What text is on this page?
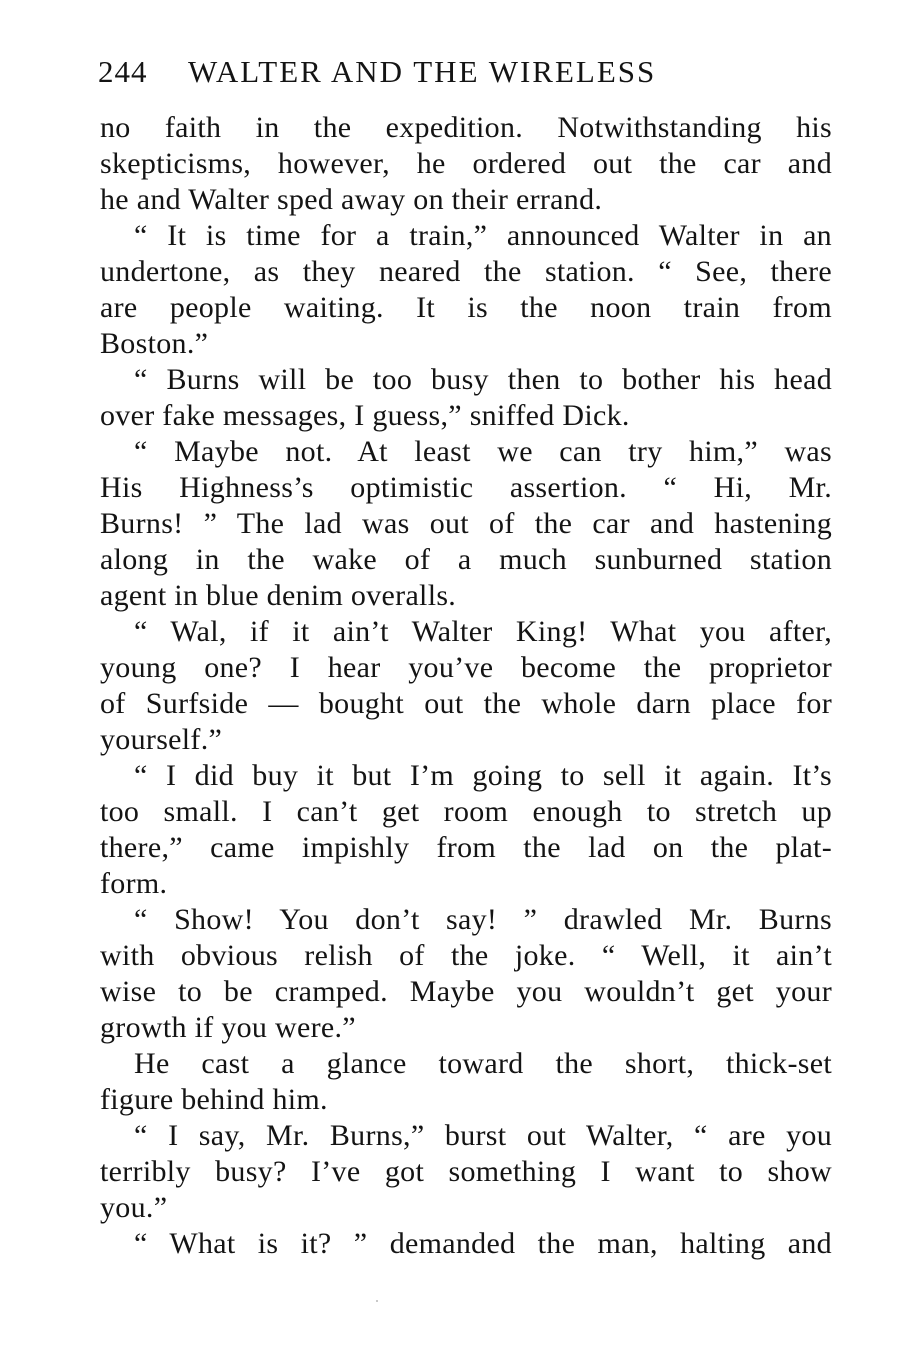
244 WALTER AND THE WIRELESS
no faith in the expedition. Notwithstanding his
skepticisms, however, he ordered out the car and
he and Walter sped away on their errand.
“ It is time for a train,” announced Walter in an
undertone, as they neared the station. “ See, there
are people waiting. It is the noon train from
Boston.”
“ Burns will be too busy then to bother his head
over fake messages, I guess,” sniffed Dick.
“ Maybe not. At least we can try him,” was
His Highness’s optimistic assertion. “ Hi, Mr.
Burns! ” The lad was out of the car and hastening
along in the wake of a much sunburned station
agent in blue denim overalls.
“ Wal, if it ain’t Walter King! What you after,
young one? I hear you’ve become the proprietor
of Surfside — bought out the whole darn place for
yourself.”
“ I did buy it but I’m going to sell it again. It’s
too small. I can’t get room enough to stretch up
there,” came impishly from the lad on the plat-
form.
“ Show! You don’t say! ” drawled Mr. Burns
with obvious relish of the joke. “ Well, it ain’t
wise to be cramped. Maybe you wouldn’t get your
growth if you were.”
He cast a glance toward the short, thick-set
figure behind him.
“ I say, Mr. Burns,” burst out Walter, “ are you
terribly busy? I’ve got something I want to show
you.”
“ What is it? ” demanded the man, halting and
